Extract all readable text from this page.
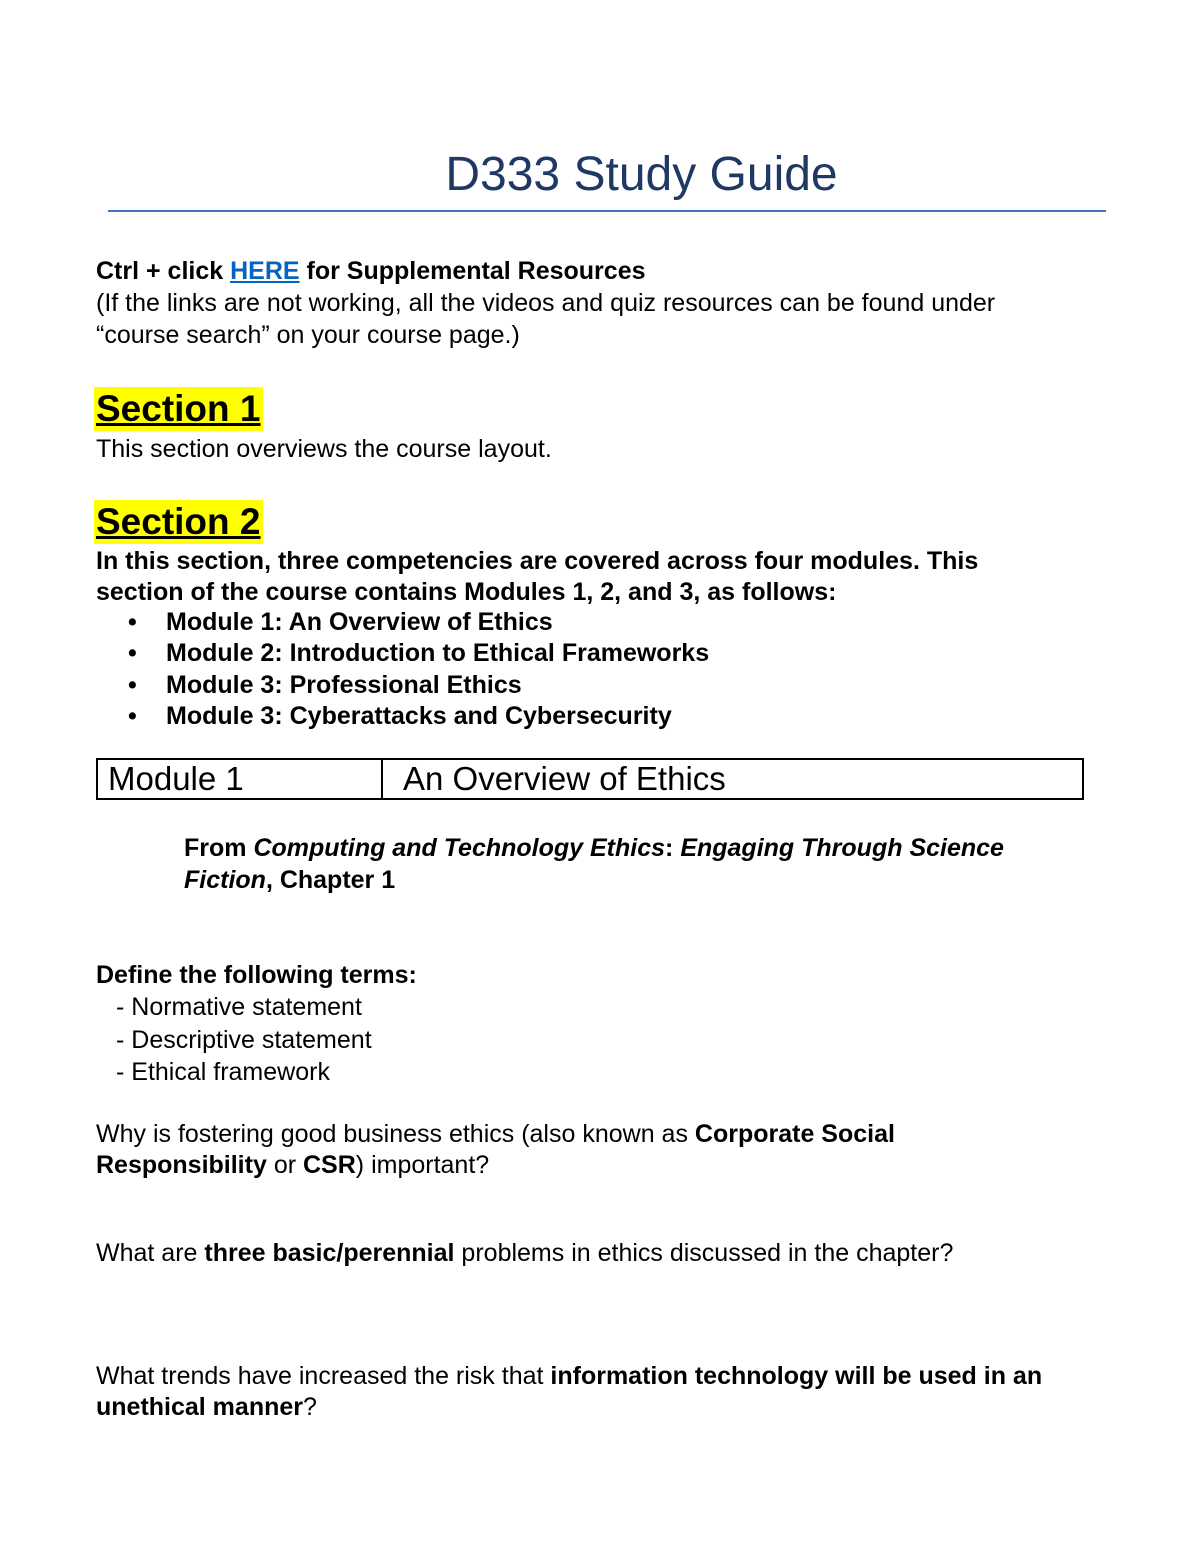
D333 Study Guide
Ctrl + click HERE for Supplemental Resources
(If the links are not working, all the videos and quiz resources can be found under
“course search” on your course page.)
Section 1
This section overviews the course layout.
Section 2
In this section, three competencies are covered across four modules. This
section of the course contains Modules 1, 2, and 3, as follows:
• Module 1: An Overview of Ethics
• Module 2: Introduction to Ethical Frameworks
• Module 3: Professional Ethics
• Module 3: Cyberattacks and Cybersecurity
Module 1	An Overview of Ethics
From Computing and Technology Ethics: Engaging Through Science
Fiction, Chapter 1
Define the following terms:
- Normative statement
- Descriptive statement
- Ethical framework
Why is fostering good business ethics (also known as Corporate Social
Responsibility or CSR) important?
What are three basic/perennial problems in ethics discussed in the chapter?
What trends have increased the risk that information technology will be used in an
unethical manner?
